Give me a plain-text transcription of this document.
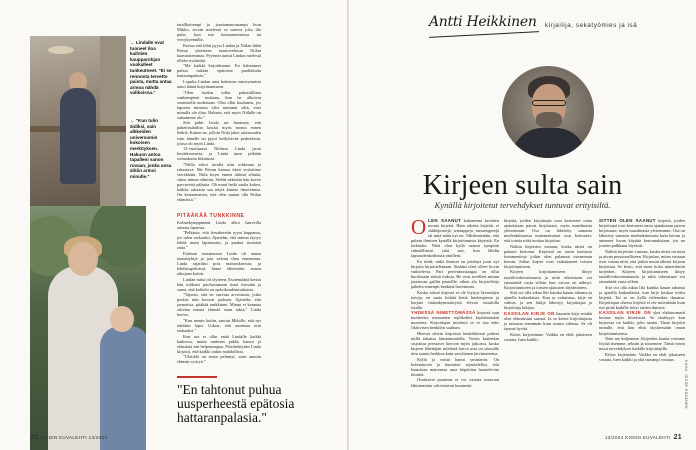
← Lindalle ovat tuoneet iloa kaihtien kaupparohjan vuokalleet tunkeutneet. "Ei se rennosta tervetto paista, mutta antaa armoa nähdä valikoissa."
← "Kun tulin äidiksi, sain alkkeiden universumin kokoisen merkityksen. Hakuon antoa tapalleni sanon ruvaan, jonka ansa älitiin armoi minulle."

tarallkoitempi ja joustamattomampi kuin Mikko, aivoni mielessä se sanova joka ilta puhe, kun mä komaansemessa tai verryttyennilla.

Kertaa että kihti pyysi Lindaa ja Niilan lähtä Petraa yhteiseen tuantoveltuun Niilan kaavatatemmaa. Pyynnin tuntui Lindan mielestä olleän riyttäsiitä.

"Me kaikki kirjoittimme. En haltanneet puhua mitään epätoista puolikkaita hattaranpalasia."

Lopulta Lindan oma kokemus ennetyamista autoi häntä kirjoittamiseen.

"Olen itsekin tullut pakottiilliina vanhempieni mukana, kun he alkoivat seurustella uudestaan. Olisi ollut kuulunen, jos lapsena minusta olisi tuntunut siltä, ettei minulla ole tilaa. Halusin, että myös Niilalle on sukuamme olo."

Sitä pahti Linda sai huomata, että pakettisuhtihin koului myös monta ennen hetkiä. Kaiten ne, jolloin Niila jakoi salaisuuden vain hänelle tai pyysi hellyttävää perheiksiin, joissa oli myös Linda.

12-vuotiaassa Niilassa Linda jaoni kevätkesmerta, ja Linda tunsi pitkään voimakasta liikutusta.

"Niilla sekoi tavalla niin rohkeana ja rakastava. Me Petran kanssa itkeä voitottime vierekkäin. Niila koysi ennen äitinsä silmää, sitten minun silmiini. Sieldä näkisäin hän kaveo parvaveitä pähutta. Oli muut hetki saalia kokea, kaikka rakaasta saa näytä kanssa ilmorennaa. On kertaamattoa, että olen saanut olla Niilan elämässä."

PITÄÄKÄÄ TUNKKINNE

Kolmekymppinenä Linda alkoi haaveilla omasta lapsesta.

"Pelkäsin, että fresaheretin tyyni kuppanut, jos tulen raskaaksi. Ajattelin, että minun täytyy lehdä muin läpimasrin, ja paukoi itsestäni rinta."

Erääsnä tuotannossa Linda oli annaa tunnistyhijä ja jota valvon ilma ennennnta. Linda rajatittin pois mainoskuvista, ja lehdistupälvässä hänet lähetettiin ennen aikojaan kotiin.

Lindan mitta oli täytteen. Esotemäänä kertaa hän tohkaisi puolustamaan itsnä itsesään ja sanoi, että kohtelu on epäoikeudenmukaista.

"Tajusin, että en saavuta arvostusta, jotka peräisi niin kovasti juoksen. Ajattelin, että jasmaisia, pitäkää tunkkinne. Minun ei kannata odottaa muuta elämää siran takia," Linda kertoo.

"Kun menin kotiin, sanoin Mikolle, että nyt tehdään lapsi. Uskon, että onnistuu niin raskaaksi."

Kon ura ei ollut enää Lindalle kaikki kaikessa, mutta ninimen pakko kanssi ja elämästä mit helpommpaa. Päivätehtyään Linda kirjoitti, että kaikki onkin mahdollista.

"Ulotiklä on ensin pelinnyt, vaan annoin elämän vyöryä."

"En tahtonut puhua uusperheestä epätosia hattaranpalasia."
20 KODIN KUVALEHTI 13/2024
Antti Heikkinen kirjailija, sekatyömies ja isä
Kirjeen sulta sain
Kynällä kirjoitetut tervehdykset tuntuvat erityisiltä.

OLEN SAANUT kahaneena kevääen monta kirjettä. Hain oiketta kirjeitä, ei sähköpostejä, watsappeja, messengerejä tai mitä näitä nyt on. Tähdennettäin, että puhun ihmisen kynällä kirjoittamista kirjeistä. En laskutäta. Niitä olen kyllä saanut tympeän sääntöllisesti siitä asti, kun lähdin lapsuudenkodistuta omilleni.

En tiedä, mikä ihmiset on pistänyt juuri nyt kirjoita kirjoittelemaan. Sinäänt oleet olleet kovin vaihtelevia. Pari perivinnastaagaa on ollut huolissaan näistä tiuksta. He ovat arvelleet minun juuttuvan grillin pastellle, eiken alu kirjotelleija pahelta ennenpit henkinä huvemmia.

Koska näistä kirjestä ei ole löytyyt läventäjen tietoja, en saata kiittää heitä huolenpiesta ja korjata väärinkymmärrystä elevan ostraltilla totalla.

YHDESSÄ NIMETTÖMÄSSÄ kirjessä sain moitteetta romaanien roplikeiksi kiyttämästäni murtenta. Kirjoittajan mielestä se ei ista edes fiktiivisen henkilön suuhum.

Hieestä sittein kirjotista henkilöitteni puheet millä tahansa lämmimurtella. Voisin kuitenkin sisjoittaa pressaset huvoon myös jatkossa, koska kirjeen lähettäjän mielestä harva asia on siinoalle niin suurta herkkua kuin savolainen järvimaisema.

Kyllä ja mistä hanni ymmärrin. On kohtuutovta ja huomioti sejanteleltin, että kaunistaa maisemaa aasa höpöttäni haastelevita ilmintä.

Osoittavet puutinaa ei voi vastata osaavani lähtimmintu vahvistavan huomentt.

kirjeitä, joiden kirjoittajat ovat kertoneet omia ajatuksiaan paivat kirjoistani, myös maailmasta yleisemmin. Osa on lähetetty samasta mielenkiinnosta tuntemattomat ovat kertoneet, että toteita niitä tuottaa kirjoitan.

Näihin kirjeisiin vastaan, koska niistä on palaute kertonut. Kirjeissä on usein luettavia kommentteja joihin olen palannut useamman kerran. Jotkut kirjeet ovat vaikuttaneet toisten kirjoittamiseen.

Kirjeen kirjoittamiseen liittyy tuuttilivokiontsiuuria ja niitä oikeastaan voi ymmärtää vasta silloin kun vaivaa on nähnyt. Kirjoittamiseen ja toisten ajatusten löytämiseen.

Sitä voi olla aikaa liki kuinka kauan tahansa ja ajatella kaikenlaisia. Kun se valmistuu, kirje on valmis, ja sen lukija lähestyy kirjoittajaa ja kirjoittaja lukijaa.

KASSILAN KIRJE ON kaunein kirje minkä olen elämässäni saanut. Ja se kertoi kirjoittajasta ja minusta enemmän kuin osasin odottaa. Se oli täynnä hyvää.

Kiitos kirjeistänne. Vaikka en ehdi jokaiseen vastata, luen kaikki.

SITTEN OLEN SAANUT kirjeitä, joiden kirjoittajat ovat kertoneet omia ajatuksiaan paivat kirjoistani, myös maailmasta yleisemmin. Osa on lähetetty samasta mielenkiinnosta kuin kerran ja antaneet luvan käyttää kertomuksiaan, jos ne jostain palkkana löytävät.

Näihin kirjeisiin vastaan, koska niistä on tuttu ja aivan persoonalliseen. Kirjoitan, miten vastaan ovat vastan niitä, että jotkin muun tähtasi kirjoan kirjoittaa. Se kerto, että moni koko minettimiin kirjeiden. Kirjeen kirjoittamiseen liittyy tuuttilivokiontsimuuria ja niitä oikeastaan voi ymmärtää vasta silloin.

Sitä voi olla aikaa liki kuinka kauan tahansa ja ajatella kaikenlaisia, kun kirje koskaa eväisi kirjettä. Tai se on kyllä viilenetkin ilmansa. Kirjoittajan ohessa kirjeitä ei ole mitenkään kuin itse pitää kaikille tietyt sätäen ihmisiä.

KASSILAN KIRJE ON yksi ehdottomasti kesäaa myös kiireisistä. Se tänäisyys kun kirjeessä on kaikki, joko sanan. Tämä kirjoitti minulle, että hän ehtii täyttäessään oman kirjoittamisensa.

Näin me kuljemme. Kirjeiden kautta voimme löytää itsemme, tekstin ja toisemme. Tämä voimi muut tervehdykset kaikille kirjoittajille.

Kiitos kirjeistäne. Vaikka en ehdi jokaiseen vastata, luen kaikki ja yhä useampi vastaus.

KUVA: JESSE HÄSÄNEN
13/2024 KODIN KUVALEHTI 21
